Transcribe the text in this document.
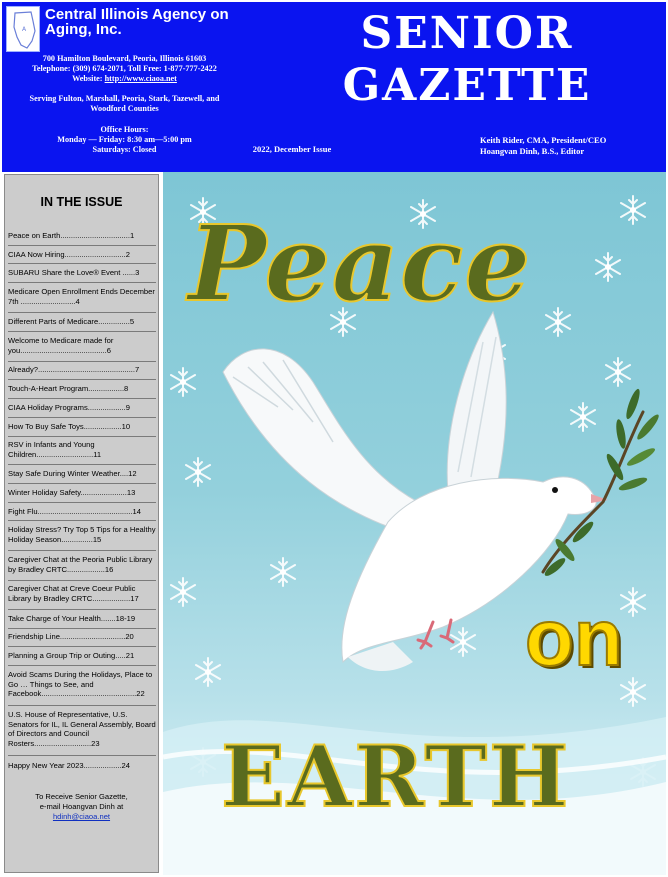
A
Central Illinois Agency on Aging, Inc.
700 Hamilton Boulevard, Peoria, Illinois 61603
Telephone: (309) 674-2071, Toll Free: 1-877-777-2422
Website: http://www.ciaoa.net
Serving Fulton, Marshall, Peoria, Stark, Tazewell, and Woodford Counties
Office Hours:
Monday — Friday: 8:30 am—5:00 pm
Saturdays: Closed
SENIOR
GAZETTE
2022, December Issue
Keith Rider, CMA, President/CEO
Hoangvan Dinh, B.S., Editor
IN THE ISSUE
Peace on Earth.................................1
CIAA Now Hiring.............................2
SUBARU Share the Love® Event ......3
Medicare Open Enrollment Ends December 7th ..........................4
Different Parts of Medicare...............5
Welcome to Medicare made for you.........................................6
Already?..............................................7
Touch-A-Heart Program.................8
CIAA Holiday Programs..................9
How To Buy Safe Toys..................10
RSV in Infants and Young Children...........................11
Stay Safe During Winter Weather....12
Winter Holiday Safety......................13
Fight Flu.............................................14
Holiday Stress? Try Top 5 Tips for a Healthy Holiday Season...............15
Caregiver Chat at the Peoria Public Library by Bradley CRTC..................16
Caregiver Chat at Creve Coeur Public Library by Bradley CRTC..................17
Take Charge of Your Health.......18-19
Friendship Line...............................20
Planning a Group Trip or Outing.....21
Avoid Scams During the Holidays, Place to Go … Things to See, and Facebook.............................................22
U.S. House of Representative, U.S. Senators for IL, IL General Assembly, Board of Directors and Council Rosters...........................23
Happy New Year 2023..................24
To Receive Senior Gazette,
e-mail Hoangvan Dinh at
hdinh@ciaoa.net
Peace
on
EARTH
